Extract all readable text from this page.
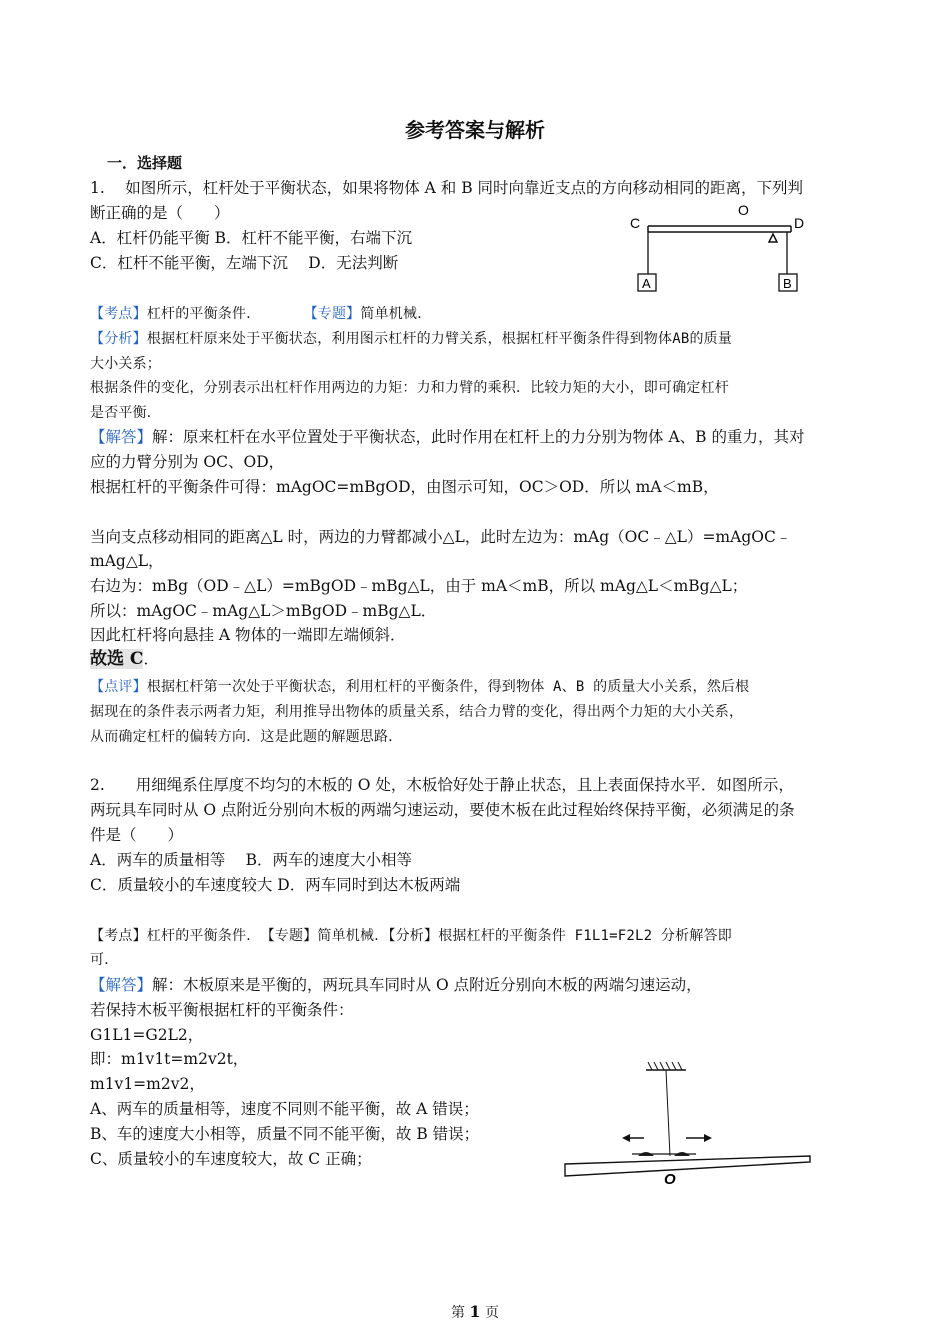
参考答案与解析
一．选择题
1.　 如图所示，杠杆处于平衡状态，如果将物体 A 和 B 同时向靠近支点的方向移动相同的距离，下列判
断正确的是（　　）
A．杠杆仍能平衡 B．杠杆不能平衡，右端下沉
C．杠杆不能平衡，左端下沉　 D．无法判断
C
O
D
A	B
【考点】杠杆的平衡条件．	【专题】简单机械．
【分析】根据杠杆原来处于平衡状态，利用图示杠杆的力臂关系，根据杠杆平衡条件得到物体AB的质量
大小关系；
根据条件的变化，分别表示出杠杆作用两边的力矩：力和力臂的乘积．比较力矩的大小，即可确定杠杆
是否平衡．
【解答】解：原来杠杆在水平位置处于平衡状态，此时作用在杠杆上的力分别为物体 A、B 的重力，其对
应的力臂分别为 OC、OD，
根据杠杆的平衡条件可得：mAgOC=mBgOD，由图示可知，OC＞OD．所以 mA＜mB，
当向支点移动相同的距离△L 时，两边的力臂都减小△L，此时左边为：mAg（OC﹣△L）=mAgOC﹣
mAg△L，
右边为：mBg（OD﹣△L）=mBgOD﹣mBg△L，由于 mA＜mB，所以 mAg△L＜mBg△L；
所以：mAgOC﹣mAg△L＞mBgOD﹣mBg△L．
因此杠杆将向悬挂 A 物体的一端即左端倾斜．
故选 C．
【点评】根据杠杆第一次处于平衡状态，利用杠杆的平衡条件，得到物体 A、B 的质量大小关系，然后根
据现在的条件表示两者力矩，利用推导出物体的质量关系，结合力臂的变化，得出两个力矩的大小关系，
从而确定杠杆的偏转方向．这是此题的解题思路．
2.　　用细绳系住厚度不均匀的木板的 O 处，木板恰好处于静止状态，且上表面保持水平．如图所示，
两玩具车同时从 O 点附近分别向木板的两端匀速运动，要使木板在此过程始终保持平衡，必须满足的条
件是（　　）
A．两车的质量相等　 B．两车的速度大小相等
C．质量较小的车速度较大 D．两车同时到达木板两端
【考点】杠杆的平衡条件．　【专题】简单机械．【分析】根据杠杆的平衡条件 F1L1=F2L2 分析解答即
可．
【解答】解：木板原来是平衡的，两玩具车同时从 O 点附近分别向木板的两端匀速运动，
若保持木板平衡根据杠杆的平衡条件：
G1L1=G2L2，
即：m1v1t=m2v2t，
m1v1=m2v2，
A、两车的质量相等，速度不同则不能平衡，故 A 错误；
B、车的速度大小相等，质量不同不能平衡，故 B 错误；
C、质量较小的车速度较大，故 C 正确；
O
第 1 页
